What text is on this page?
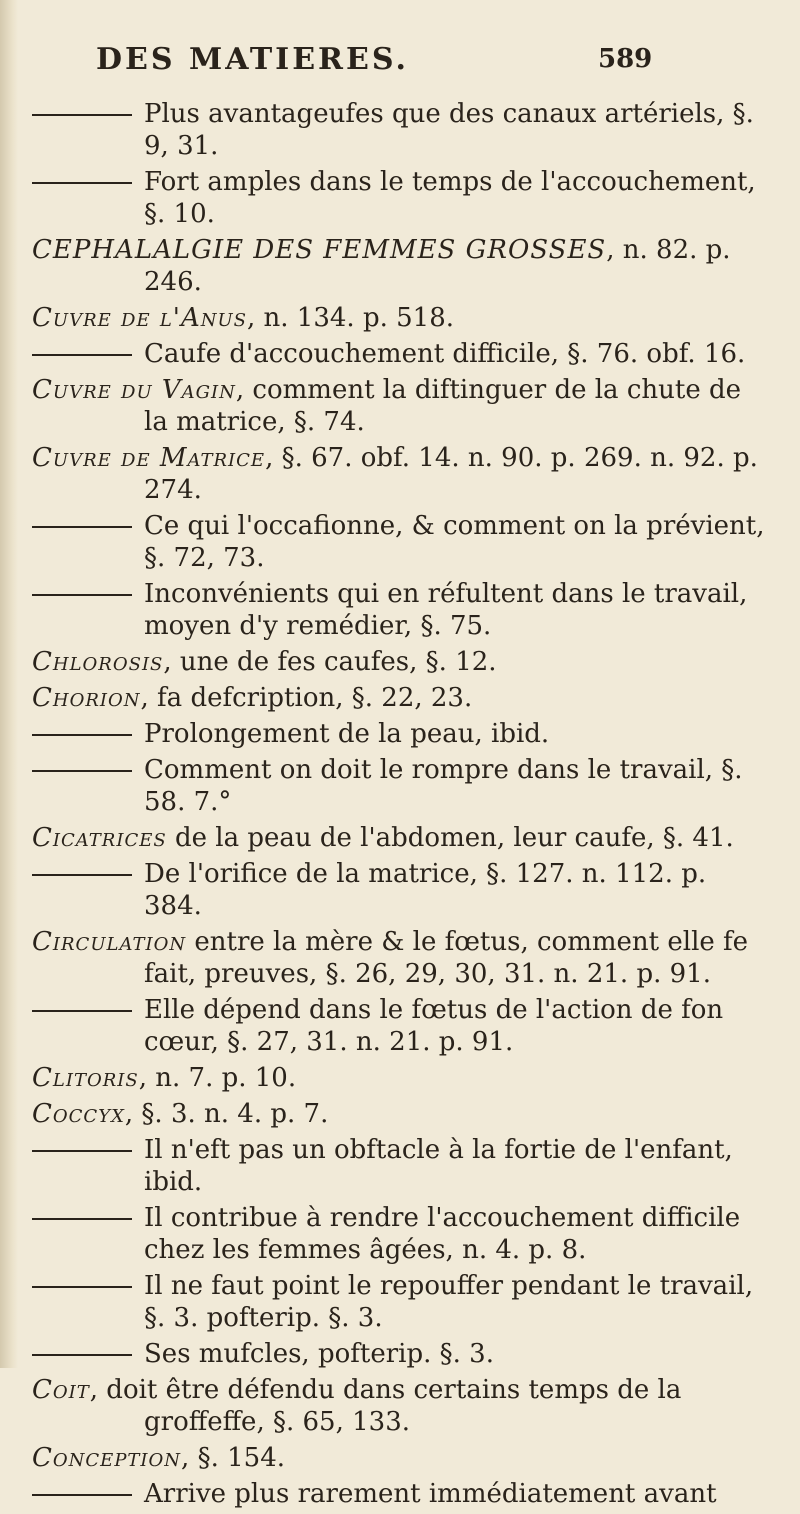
DES MATIERES.	589

Plus avantageufes que des canaux artériels, §. 9, 31.

Fort amples dans le temps de l'accouchement, §. 10.

CEPHALALGIE DES FEMMES GROSSES, n. 82. p. 246.

Cuvre de l'Anus, n. 134. p. 518.

Caufe d'accouchement difficile, §. 76. obf. 16.

Cuvre du Vagin, comment la diftinguer de la chute de la matrice, §. 74.

Cuvre de Matrice, §. 67. obf. 14. n. 90. p. 269. n. 92. p. 274.

Ce qui l'occafionne, & comment on la prévient, §. 72, 73.

Inconvénients qui en réfultent dans le travail, moyen d'y remédier, §. 75.

Chlorosis, une de fes caufes, §. 12.

Chorion, fa defcription, §. 22, 23.

Prolongement de la peau, ibid.

Comment on doit le rompre dans le travail, §. 58. 7.°

Cicatrices de la peau de l'abdomen, leur caufe, §. 41.

De l'orifice de la matrice, §. 127. n. 112. p. 384.

Circulation entre la mère & le fœtus, comment elle fe fait, preuves, §. 26, 29, 30, 31. n. 21. p. 91.

Elle dépend dans le fœtus de l'action de fon cœur, §. 27, 31. n. 21. p. 91.

Clitoris, n. 7. p. 10.

Coccyx, §. 3. n. 4. p. 7.

Il n'eft pas un obftacle à la fortie de l'enfant, ibid.

Il contribue à rendre l'accouchement difficile chez les femmes âgées, n. 4. p. 8.

Il ne faut point le repouffer pendant le travail, §. 3. pofterip. §. 3.

Ses mufcles, pofterip. §. 3.

Coit, doit être défendu dans certains temps de la groffeffe, §. 65, 133.

Conception, §. 154.

Arrive plus rarement immédiatement avant
